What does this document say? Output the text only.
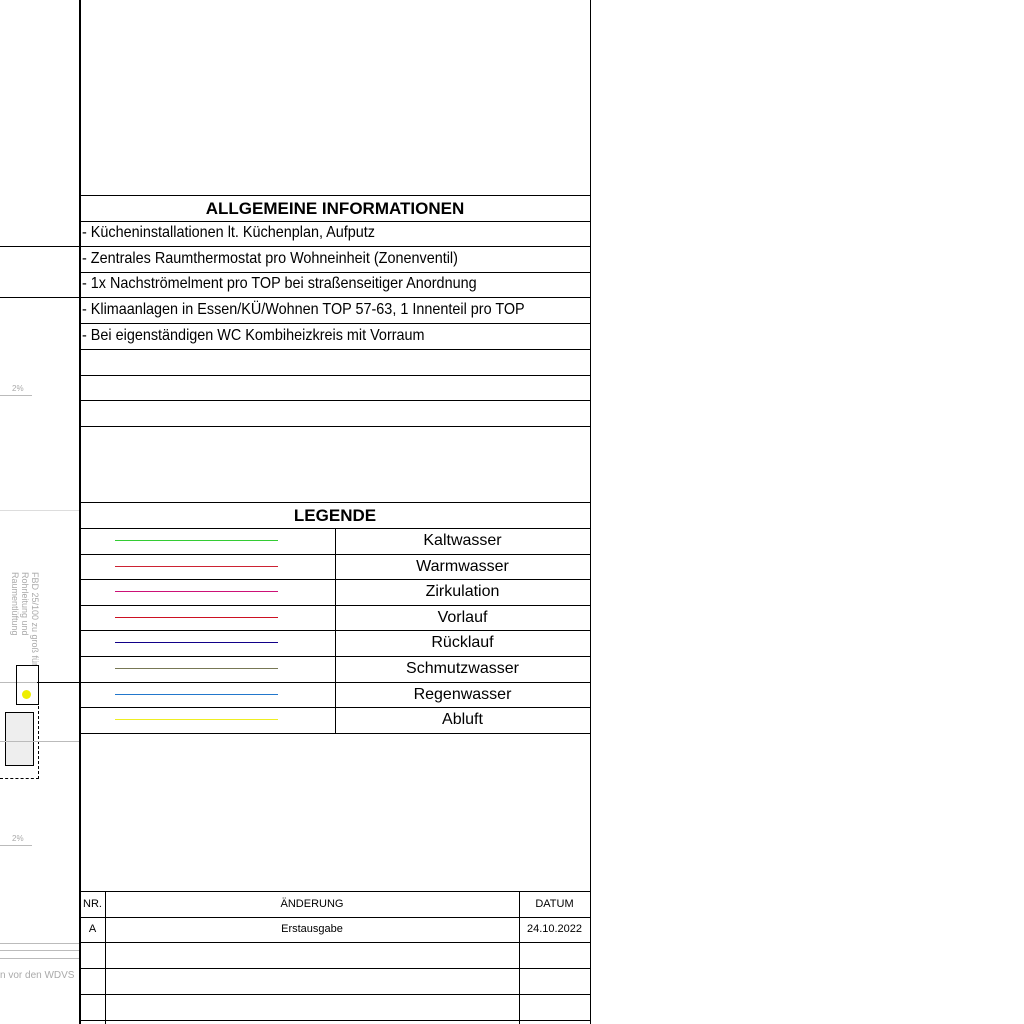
2%
FBD 25/100 zu groß für Rohrleitung und Raumentlüftung
2%
n vor den WDVS
ALLGEMEINE INFORMATIONEN
- Kücheninstallationen lt. Küchenplan, Aufputz
- Zentrales Raumthermostat pro Wohneinheit (Zonenventil)
- 1x Nachströmelment pro TOP bei straßenseitiger Anordnung
- Klimaanlagen in Essen/KÜ/Wohnen TOP 57-63, 1 Innenteil pro TOP
- Bei eigenständigen WC Kombiheizkreis mit Vorraum
LEGENDE
Kaltwasser
Warmwasser
Zirkulation
Vorlauf
Rücklauf
Schmutzwasser
Regenwasser
Abluft
NR.	ÄNDERUNG	DATUM
A	Erstausgabe	24.10.2022
